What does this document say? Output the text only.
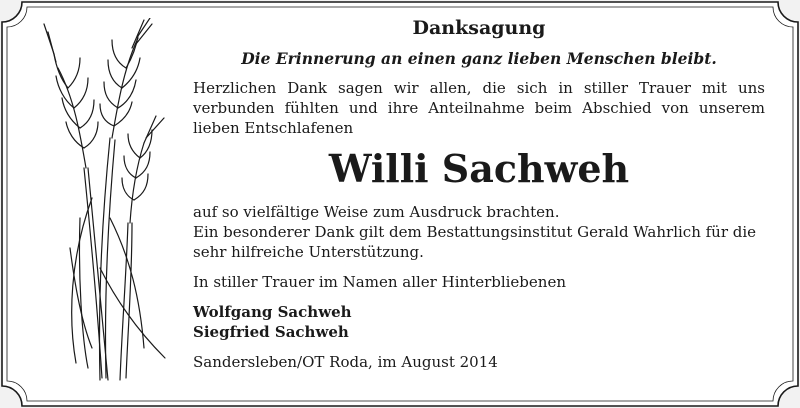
Danksagung
Die Erinnerung an einen ganz lieben Menschen bleibt.

Herzlichen Dank sagen wir allen, die sich in stiller Trauer mit uns verbunden fühlten und ihre Anteilnahme beim Abschied von unserem lieben Entschlafenen

Willi Sachweh

auf so vielfältige Weise zum Ausdruck brachten.

Ein besonderer Dank gilt dem Bestattungsinstitut Gerald Wahrlich für die

sehr hilfreiche Unterstützung.

In stiller Trauer im Namen aller Hinterbliebenen

Wolfgang Sachweh

Siegfried Sachweh

Sandersleben/OT Roda, im August 2014
